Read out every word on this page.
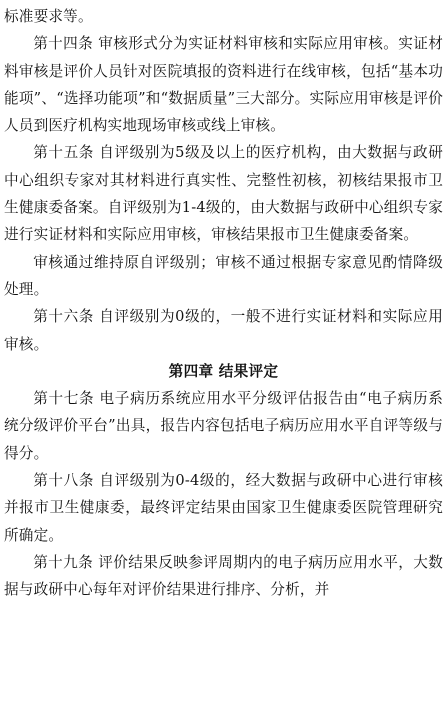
标准要求等。

第十四条 审核形式分为实证材料审核和实际应用审核。实证材料审核是评价人员针对医院填报的资料进行在线审核，包括“基本功能项”、“选择功能项”和“数据质量”三大部分。实际应用审核是评价人员到医疗机构实地现场审核或线上审核。

第十五条 自评级别为5级及以上的医疗机构，由大数据与政研中心组织专家对其材料进行真实性、完整性初核，初核结果报市卫生健康委备案。自评级别为1-4级的，由大数据与政研中心组织专家进行实证材料和实际应用审核，审核结果报市卫生健康委备案。

审核通过维持原自评级别；审核不通过根据专家意见酌情降级处理。

第十六条 自评级别为0级的，一般不进行实证材料和实际应用审核。

第四章 结果评定

第十七条 电子病历系统应用水平分级评估报告由“电子病历系统分级评价平台”出具，报告内容包括电子病历应用水平自评等级与得分。

第十八条 自评级别为0-4级的，经大数据与政研中心进行审核并报市卫生健康委，最终评定结果由国家卫生健康委医院管理研究所确定。

第十九条 评价结果反映参评周期内的电子病历应用水平，大数据与政研中心每年对评价结果进行排序、分析，并
